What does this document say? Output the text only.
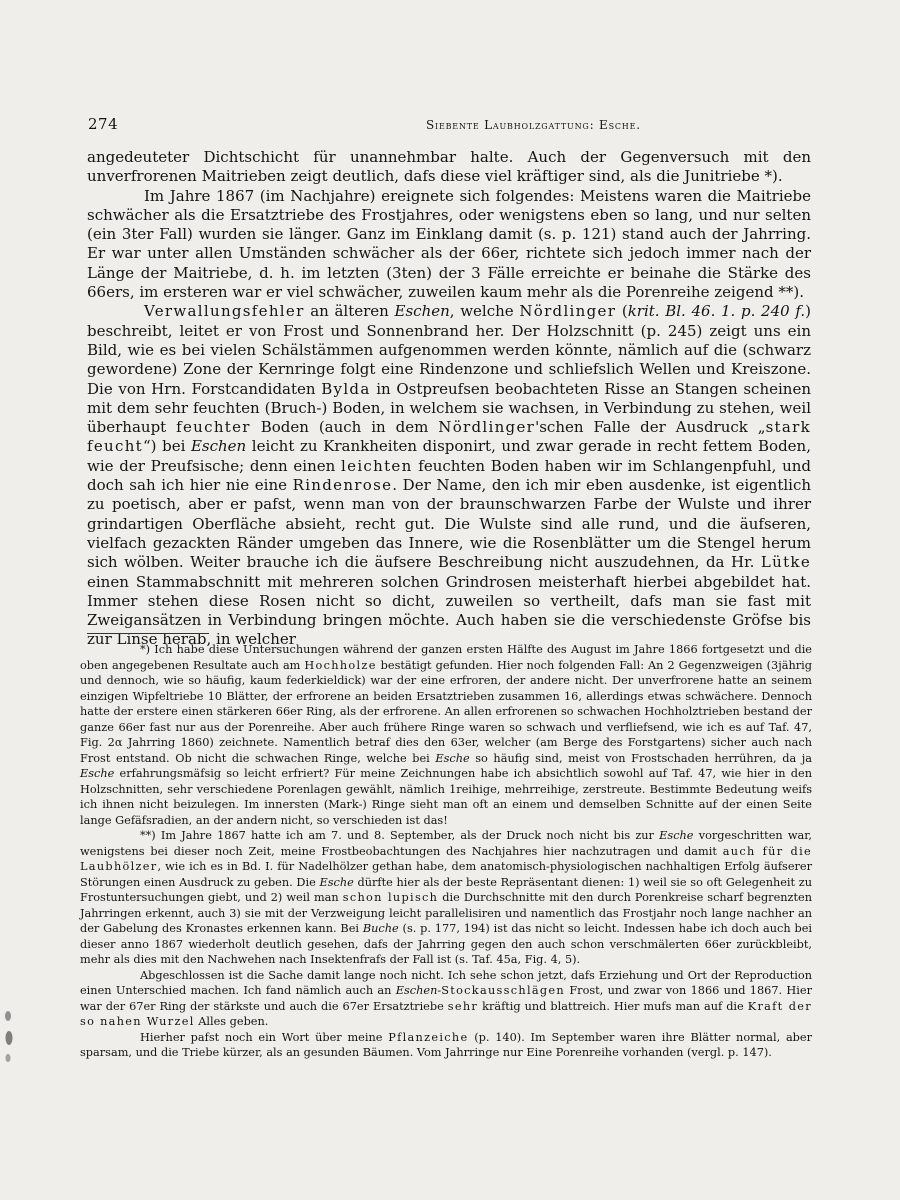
274	Siebente Laubholzgattung: Esche.

angedeuteter Dichtschicht für unannehmbar halte. Auch der Gegenversuch mit den unverfrorenen Maitrieben zeigt deutlich, dafs diese viel kräftiger sind, als die Junitriebe *).

Im Jahre 1867 (im Nachjahre) ereignete sich folgendes: Meistens waren die Maitriebe schwächer als die Ersatztriebe des Frostjahres, oder wenigstens eben so lang, und nur selten (ein 3ter Fall) wurden sie länger. Ganz im Einklang damit (s. p. 121) stand auch der Jahrring. Er war unter allen Umständen schwächer als der 66er, richtete sich jedoch immer nach der Länge der Maitriebe, d. h. im letzten (3ten) der 3 Fälle erreichte er beinahe die Stärke des 66ers, im ersteren war er viel schwächer, zuweilen kaum mehr als die Porenreihe zeigend **).

Verwallungsfehler an älteren Eschen, welche Nördlinger (krit. Bl. 46. 1. p. 240 f.) beschreibt, leitet er von Frost und Sonnenbrand her. Der Holzschnitt (p. 245) zeigt uns ein Bild, wie es bei vielen Schälstämmen aufgenommen werden könnte, nämlich auf die (schwarz gewordene) Zone der Kernringe folgt eine Rindenzone und schliefslich Wellen und Kreiszone. Die von Hrn. Forstcandidaten Bylda in Ostpreufsen beobachteten Risse an Stangen scheinen mit dem sehr feuchten (Bruch-) Boden, in welchem sie wachsen, in Verbindung zu stehen, weil überhaupt feuchter Boden (auch in dem Nördlinger'schen Falle der Ausdruck „stark feucht“) bei Eschen leicht zu Krankheiten disponirt, und zwar gerade in recht fettem Boden, wie der Preufsische; denn einen leichten feuchten Boden haben wir im Schlangenpfuhl, und doch sah ich hier nie eine Rindenrose. Der Name, den ich mir eben ausdenke, ist eigentlich zu poetisch, aber er pafst, wenn man von der braunschwarzen Farbe der Wulste und ihrer grindartigen Oberfläche absieht, recht gut. Die Wulste sind alle rund, und die äufseren, vielfach gezackten Ränder umgeben das Innere, wie die Rosenblätter um die Stengel herum sich wölben. Weiter brauche ich die äufsere Beschreibung nicht auszudehnen, da Hr. Lütke einen Stammabschnitt mit mehreren solchen Grindrosen meisterhaft hierbei abgebildet hat. Immer stehen diese Rosen nicht so dicht, zuweilen so vertheilt, dafs man sie fast mit Zweigansätzen in Verbindung bringen möchte. Auch haben sie die verschiedenste Gröfse bis zur Linse herab, in welcher

*) Ich habe diese Untersuchungen während der ganzen ersten Hälfte des August im Jahre 1866 fortgesetzt und die oben angegebenen Resultate auch am Hochholze bestätigt gefunden. Hier noch folgenden Fall: An 2 Gegenzweigen (3jährig und dennoch, wie so häufig, kaum federkieldick) war der eine erfroren, der andere nicht. Der unverfrorene hatte an seinem einzigen Wipfeltriebe 10 Blätter, der erfrorene an beiden Ersatztrieben zusammen 16, allerdings etwas schwächere. Dennoch hatte der erstere einen stärkeren 66er Ring, als der erfrorene. An allen erfrorenen so schwachen Hochholztrieben bestand der ganze 66er fast nur aus der Porenreihe. Aber auch frühere Ringe waren so schwach und verfliefsend, wie ich es auf Taf. 47, Fig. 2α Jahrring 1860) zeichnete. Namentlich betraf dies den 63er, welcher (am Berge des Forstgartens) sicher auch nach Frost entstand. Ob nicht die schwachen Ringe, welche bei Esche so häufig sind, meist von Frostschaden herrühren, da ja Esche erfahrungsmäfsig so leicht erfriert? Für meine Zeichnungen habe ich absichtlich sowohl auf Taf. 47, wie hier in den Holzschnitten, sehr verschiedene Porenlagen gewählt, nämlich 1reihige, mehrreihige, zerstreute. Bestimmte Bedeutung weifs ich ihnen nicht beizulegen. Im innersten (Mark-) Ringe sieht man oft an einem und demselben Schnitte auf der einen Seite lange Gefäfsradien, an der andern nicht, so verschieden ist das!

**) Im Jahre 1867 hatte ich am 7. und 8. September, als der Druck noch nicht bis zur Esche vorgeschritten war, wenigstens bei dieser noch Zeit, meine Frostbeobachtungen des Nachjahres hier nachzutragen und damit auch für die Laubhölzer, wie ich es in Bd. I. für Nadelhölzer gethan habe, dem anatomisch-physiologischen nachhaltigen Erfolg äufserer Störungen einen Ausdruck zu geben. Die Esche dürfte hier als der beste Repräsentant dienen: 1) weil sie so oft Gelegenheit zu Frostuntersuchungen giebt, und 2) weil man schon lupisch die Durchschnitte mit den durch Porenkreise scharf begrenzten Jahrringen erkennt, auch 3) sie mit der Verzweigung leicht parallelisiren und namentlich das Frostjahr noch lange nachher an der Gabelung des Kronastes erkennen kann. Bei Buche (s. p. 177, 194) ist das nicht so leicht. Indessen habe ich doch auch bei dieser anno 1867 wiederholt deutlich gesehen, dafs der Jahrring gegen den auch schon verschmälerten 66er zurückbleibt, mehr als dies mit den Nachwehen nach Insektenfrafs der Fall ist (s. Taf. 45a, Fig. 4, 5).

Abgeschlossen ist die Sache damit lange noch nicht. Ich sehe schon jetzt, dafs Erziehung und Ort der Reproduction einen Unterschied machen. Ich fand nämlich auch an Eschen-Stockausschlägen Frost, und zwar von 1866 und 1867. Hier war der 67er Ring der stärkste und auch die 67er Ersatztriebe sehr kräftig und blattreich. Hier mufs man auf die Kraft der so nahen Wurzel Alles geben.

Hierher pafst noch ein Wort über meine Pflanzeiche (p. 140). Im September waren ihre Blätter normal, aber sparsam, und die Triebe kürzer, als an gesunden Bäumen. Vom Jahrringe nur Eine Porenreihe vorhanden (vergl. p. 147).
